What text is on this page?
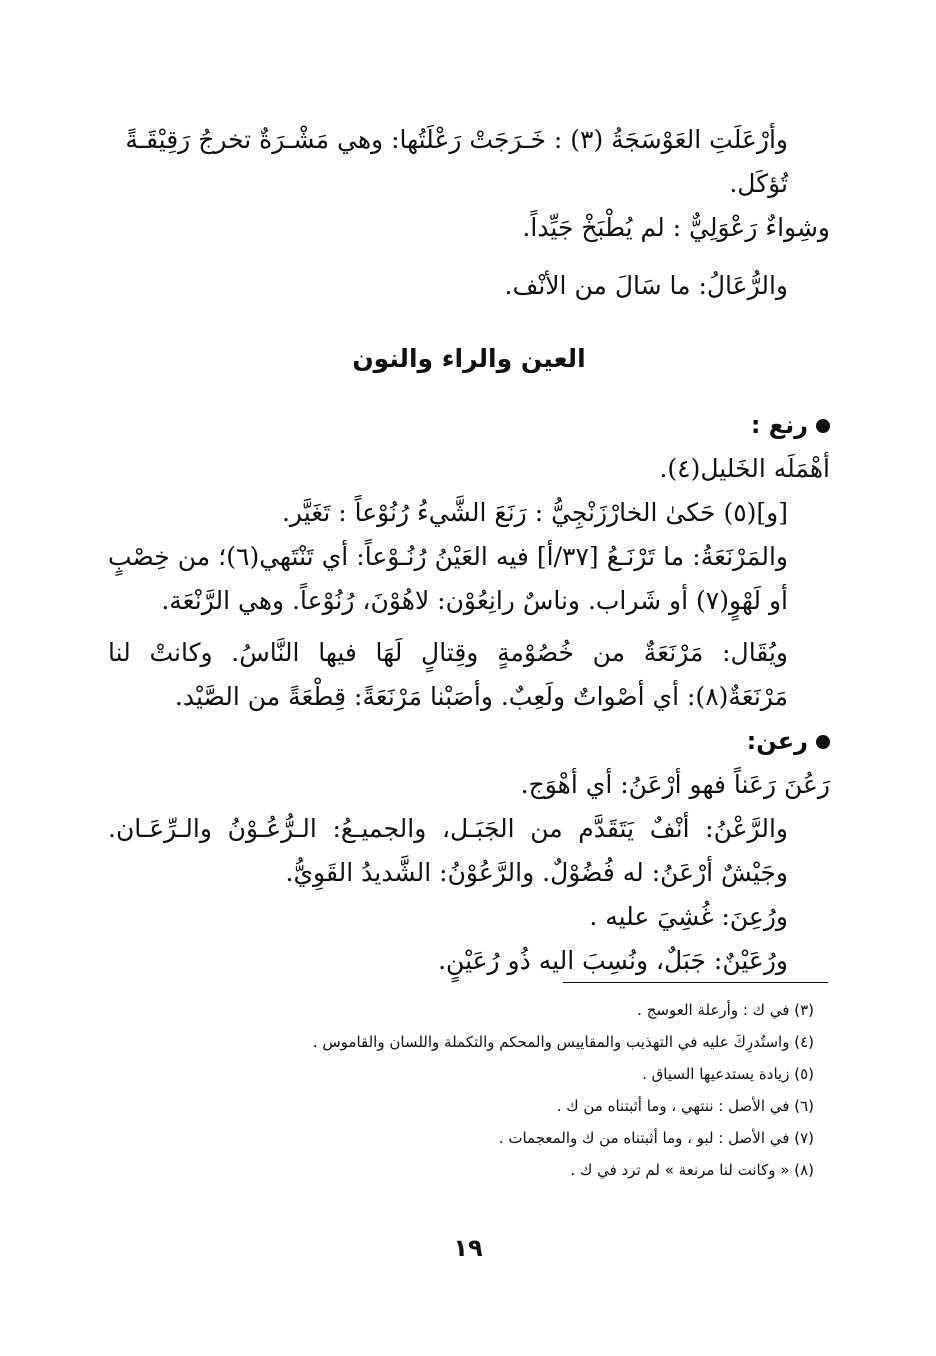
وأرْعَلَتِ العَوْسَجَةُ (٣) : خَـرَجَتْ رَعْلَتُها: وهي مَشْـرَةٌ تخرجُ رَقِيْقَـةً تُؤكَل.

وشِواءٌ رَعْوَلِيٌّ : لم يُطْبَخْ جَيِّداً.

والرُّعَالُ: ما سَالَ من الأنْف.

العين والراء والنون

رنع :

أهْمَلَه الخَليل(٤).

[و](٥) حَكىٰ الخارْزَنْجِيُّ : رَنَعَ الشَّيءُ رُنُوْعاً : تَغَيَّر.

والمَرْنَعَةُ: ما تَرْنَـعُ [٣٧/أ] فيه العَيْنُ رُنُـوْعاً: أي تَنْتَهي(٦)؛ من خِصْبٍ أو لَهْوٍ(٧) أو شَراب. وناسٌ رانِعُوْن: لاهُوْنَ، رُنُوْعاً. وهي الرَّنْعَة.

ويُقَال: مَرْنَعَةٌ من خُصُوْمةٍ وقِتالٍ لَهَا فيها النَّاسُ. وكانتْ لنا مَرْنَعَةٌ(٨): أي أصْواتٌ ولَعِبٌ. وأصَبْنا مَرْنَعَةً: قِطْعَةً من الصَّيْد.

رعن:

رَعُنَ رَعَناً فهو أرْعَنُ: أي أهْوَج.

والرَّعْنُ: أنْفٌ يَتَقَدَّم من الجَبَـل، والجميـعُ: الـرُّعُـوْنُ والـرِّعَـان. وجَيْشٌ أرْعَنُ: له فُضُوْلٌ. والرَّعُوْنُ: الشَّديدُ القَوِيُّ.

ورُعِنَ: غُشِيَ عليه .

ورُعَيْنٌ: جَبَلٌ، ونُسِبَ اليه ذُو رُعَيْنٍ.

(٣) في ك : وأرعلة العوسج .

(٤) واستُدرِكَ عليه في التهذيب والمقاييس والمحكم والتكملة واللسان والقاموس .

(٥) زيادة يستدعيها السياق .

(٦) في الأصل : ننتهي ، وما أثبتناه من ك .

(٧) في الأصل : لبو ، وما أثبتناه من ك والمعجمات .

(٨) « وكانت لنا مرنعة » لم ترد في ك .

١٩
